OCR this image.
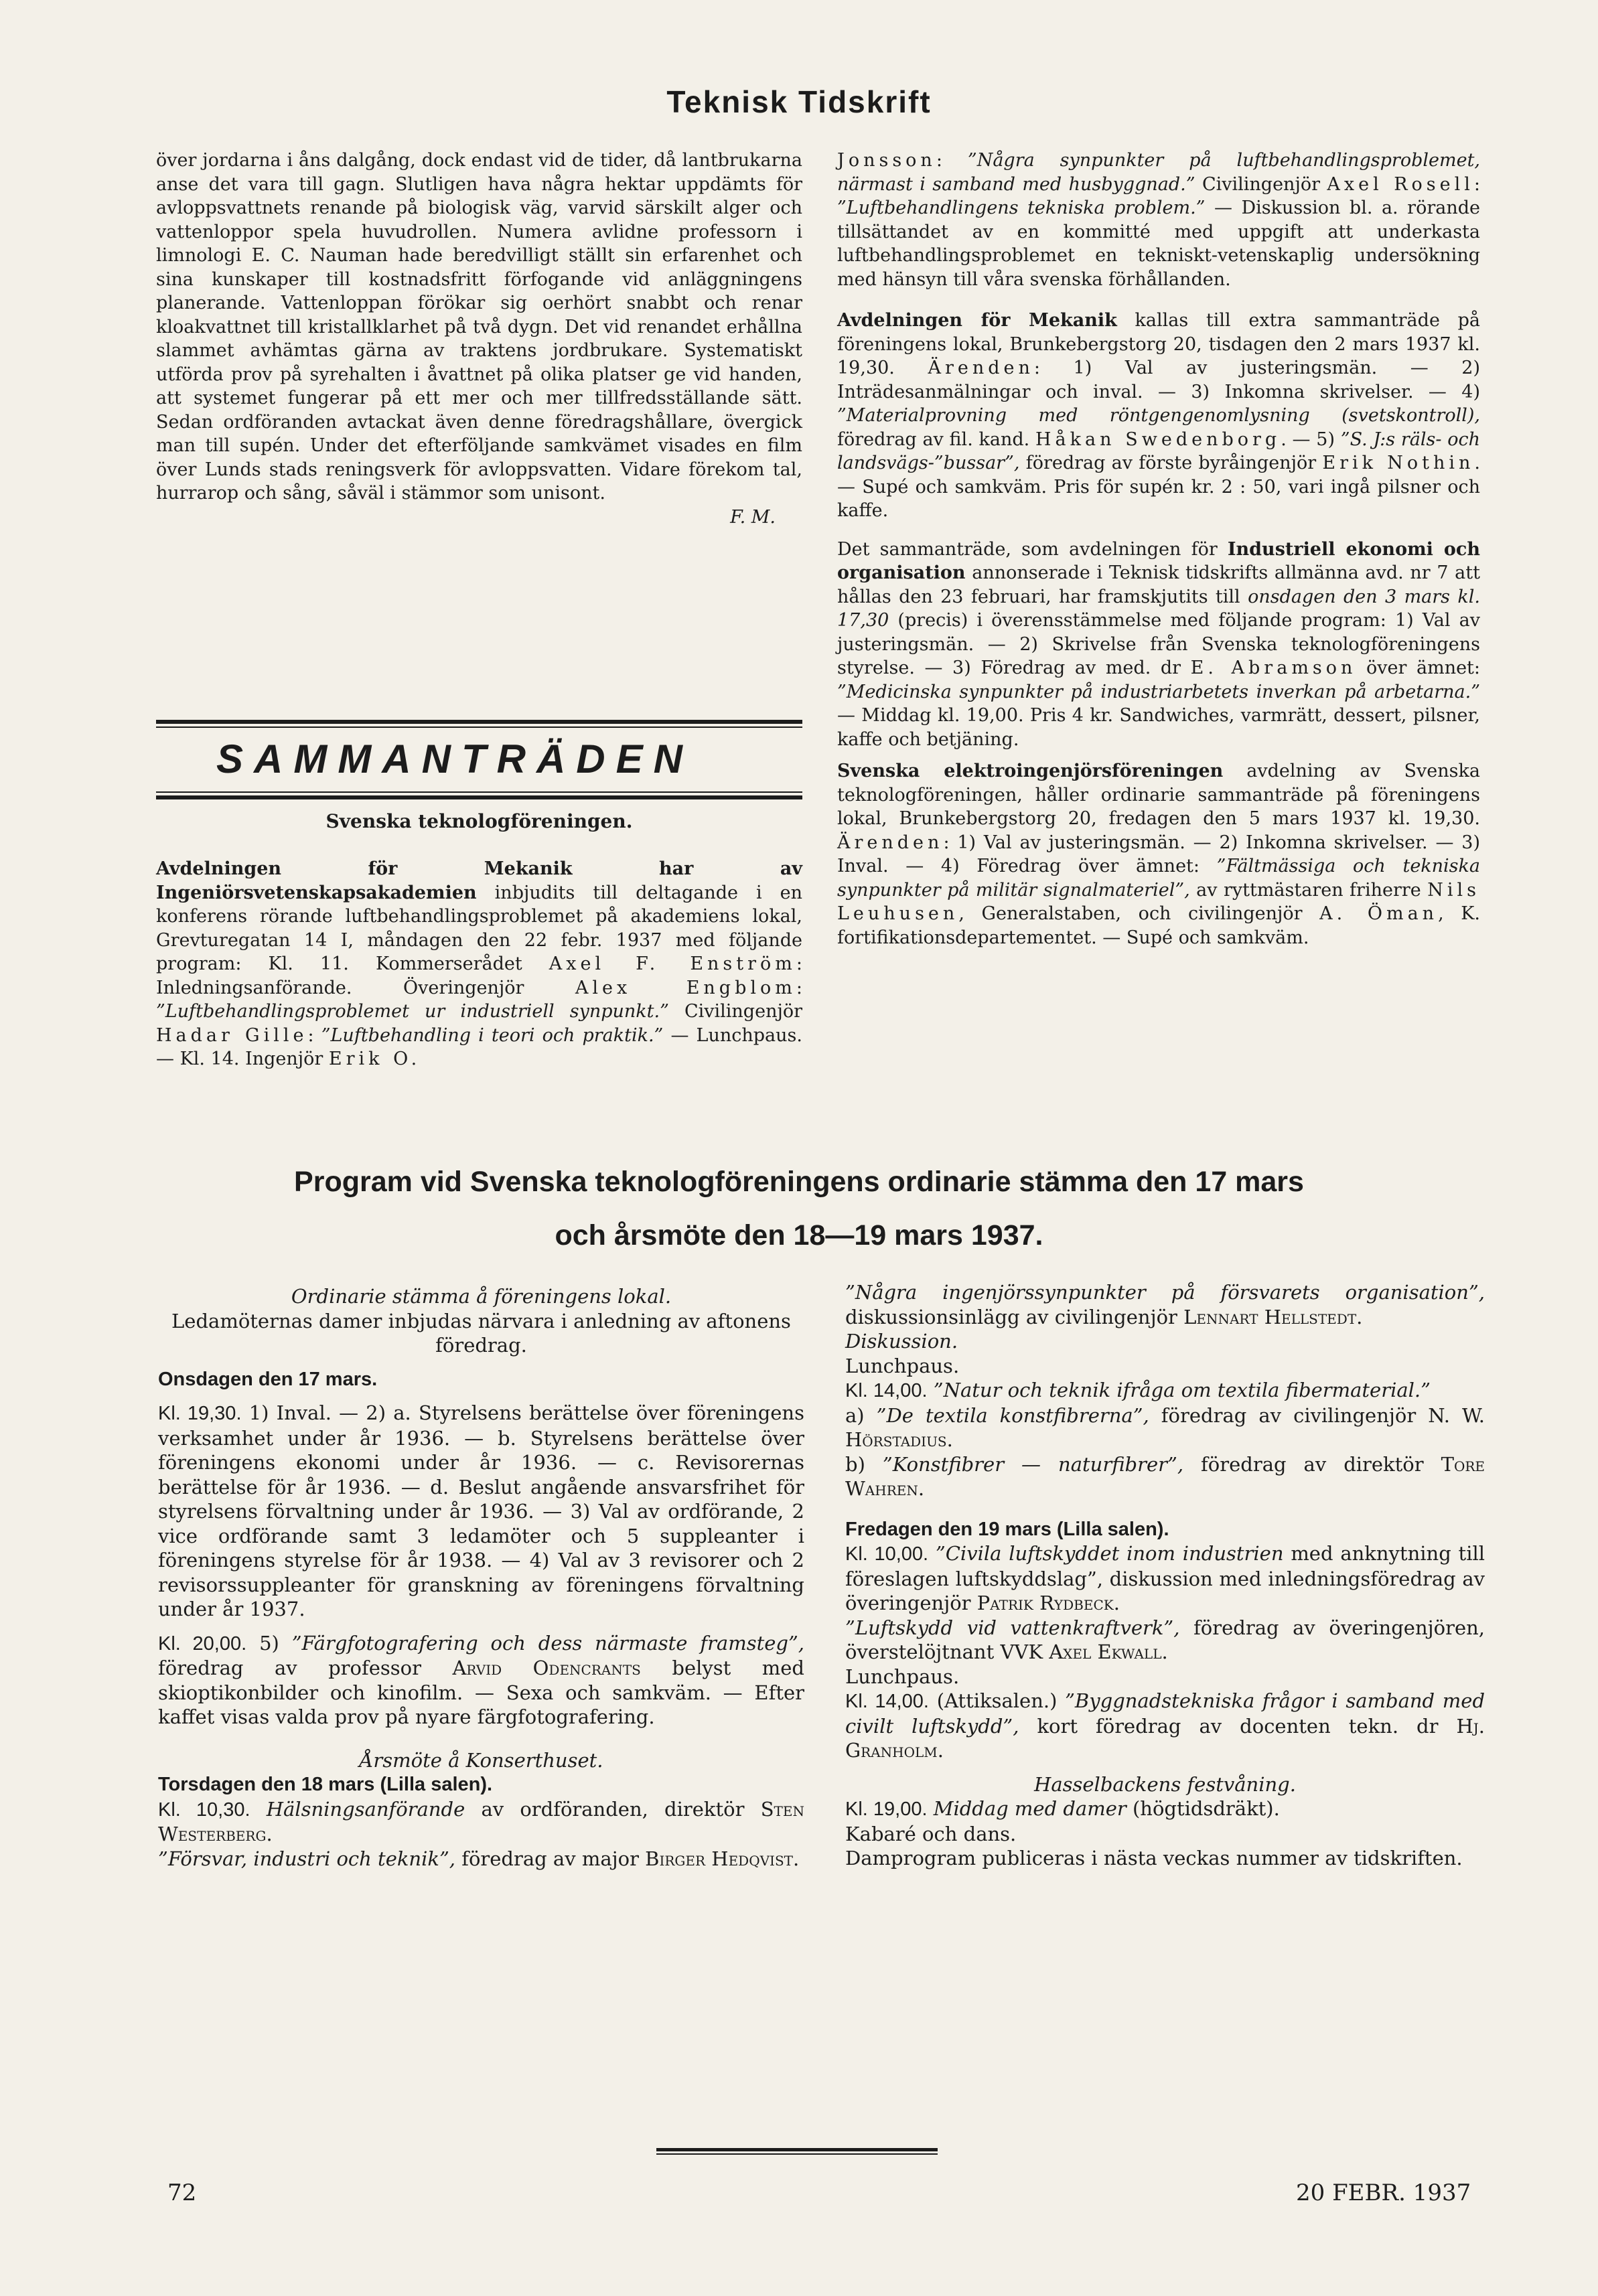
Teknisk Tidskrift

över jordarna i åns dalgång, dock endast vid de tider, då lantbrukarna anse det vara till gagn. Slutligen hava några hektar uppdämts för avloppsvattnets renande på biologisk väg, varvid särskilt alger och vattenloppor spela huvudrollen. Numera avlidne professorn i limnologi E. C. Nauman hade beredvilligt ställt sin erfarenhet och sina kunskaper till kostnadsfritt förfogande vid anläggningens planerande. Vattenloppan förökar sig oerhört snabbt och renar kloakvattnet till kristallklarhet på två dygn. Det vid renandet erhållna slammet avhämtas gärna av traktens jordbrukare. Systematiskt utförda prov på syrehalten i åvattnet på olika platser ge vid handen, att systemet fungerar på ett mer och mer tillfredsställande sätt. Sedan ordföranden avtackat även denne föredragshållare, övergick man till supén. Under det efterföljande samkvämet visades en film över Lunds stads reningsverk för avloppsvatten. Vidare förekom tal, hurrarop och sång, såväl i stämmor som unisont.

F. M.
SAMMANTRÄDEN
Svenska teknologföreningen.

Avdelningen för Mekanik har av Ingeniörsvetenskapsakademien inbjudits till deltagande i en konferens rörande luftbehandlingsproblemet på akademiens lokal, Grevturegatan 14 I, måndagen den 22 febr. 1937 med följande program: Kl. 11. Kommerserådet Axel F. Enström: Inledningsanförande. Överingenjör	Alex Engblom: ”Luftbehandlingsproblemet ur industriell synpunkt.” Civilingenjör Hadar Gille: ”Luftbehandling i teori och praktik.” — Lunchpaus. — Kl. 14. Ingenjör Erik O.

Jonsson: ”Några synpunkter på luftbehandlingsproblemet, närmast i samband med husbyggnad.” Civilingenjör Axel Rosell: ”Luftbehandlingens tekniska problem.” — Diskussion bl. a. rörande tillsättandet av en kommitté med uppgift att underkasta luftbehandlingsproblemet en tekniskt-vetenskaplig undersökning med hänsyn till våra svenska förhållanden.

Avdelningen för Mekanik kallas till extra sammanträde på föreningens lokal, Brunkebergstorg 20, tisdagen den 2 mars 1937 kl. 19,30. Ärenden: 1) Val av justeringsmän. — 2) Inträdesanmälningar och inval. — 3) Inkomna skrivelser. — 4) ”Materialprovning med röntgengenomlysning (svetskontroll), föredrag av fil. kand. Håkan Swedenborg. — 5) ”S. J:s räls- och landsvägs-”bussar”, föredrag av förste byråingenjör Erik Nothin. — Supé och samkväm. Pris för supén kr. 2 : 50, vari ingå pilsner och kaffe.

Det sammanträde, som avdelningen för Industriell ekonomi och organisation annonserade i Teknisk tidskrifts allmänna avd. nr 7 att hållas den 23 februari, har framskjutits till onsdagen den 3 mars kl. 17,30 (precis) i överensstämmelse med följande program: 1) Val av justeringsmän. — 2) Skrivelse från Svenska teknologföreningens styrelse. — 3) Föredrag av med. dr E. Abramson över ämnet: ”Medicinska synpunkter på industriarbetets inverkan på arbetarna.” — Middag kl. 19,00. Pris 4 kr. Sandwiches, varmrätt, dessert, pilsner, kaffe och betjäning.

Svenska elektroingenjörsföreningen avdelning av Svenska teknologföreningen, håller ordinarie sammanträde på föreningens lokal, Brunkebergstorg 20, fredagen den 5 mars 1937 kl. 19,30. Ärenden: 1) Val av justeringsmän. — 2) Inkomna skrivelser. — 3) Inval. — 4) Föredrag över ämnet: ”Fältmässiga och tekniska synpunkter på militär signalmateriel”, av ryttmästaren friherre Nils Leuhusen, Generalstaben, och civilingenjör A. Öman, K. fortifikationsdepartementet. — Supé och samkväm.

Program vid Svenska teknologföreningens ordinarie stämma den 17 mars
och årsmöte den 18—19 mars 1937.
Ordinarie stämma å föreningens lokal.

Ledamöternas damer inbjudas närvara i anledning av aftonens föredrag.

Onsdagen den 17 mars.

Kl. 19,30. 1) Inval. — 2) a. Styrelsens berättelse över föreningens verksamhet under år 1936. — b. Styrelsens berättelse över föreningens ekonomi under år 1936. — c. Revisorernas berättelse för år 1936. — d. Beslut angående ansvarsfrihet för styrelsens förvaltning under år 1936. — 3) Val av ordförande, 2 vice ordförande samt 3 ledamöter och 5 suppleanter i föreningens styrelse för år 1938. — 4) Val av 3 revisorer och 2 revisorssuppleanter för granskning av föreningens förvaltning under år 1937.

Kl. 20,00. 5) ”Färgfotografering och dess närmaste framsteg”, föredrag av professor Arvid Odencrants belyst med skioptikonbilder och kinofilm. — Sexa och samkväm. — Efter kaffet visas valda prov på nyare färgfotografering.

Årsmöte å Konserthuset.
Torsdagen den 18 mars (Lilla salen).

Kl. 10,30. Hälsningsanförande av ordföranden, direktör Sten Westerberg.

”Försvar, industri och teknik”, föredrag av major Birger Hedqvist.

”Några ingenjörssynpunkter på försvarets organisation”, diskussionsinlägg av civilingenjör Lennart Hellstedt.

Diskussion.
Lunchpaus.

Kl. 14,00. ”Natur och teknik ifråga om textila fibermaterial.”

a) ”De textila konstfibrerna”, föredrag av civilingenjör N. W. Hörstadius.

b) ”Konstfibrer — naturfibrer”, föredrag av direktör Tore Wahren.

Fredagen den 19 mars (Lilla salen).

Kl. 10,00. ”Civila luftskyddet inom industrien med anknytning till föreslagen luftskyddslag”, diskussion med inledningsföredrag av överingenjör Patrik Rydbeck.

”Luftskydd vid vattenkraftverk”, föredrag av överingenjören, överstelöjtnant VVK Axel Ekwall.

Lunchpaus.

Kl. 14,00. (Attiksalen.) ”Byggnadstekniska frågor i samband med civilt luftskydd”, kort föredrag av docenten tekn. dr Hj. Granholm.

Hasselbackens festvåning.

Kl. 19,00. Middag med damer (högtidsdräkt).

Kabaré och dans.

Damprogram publiceras i nästa veckas nummer av tidskriften.

72	20 FEBR. 1937
